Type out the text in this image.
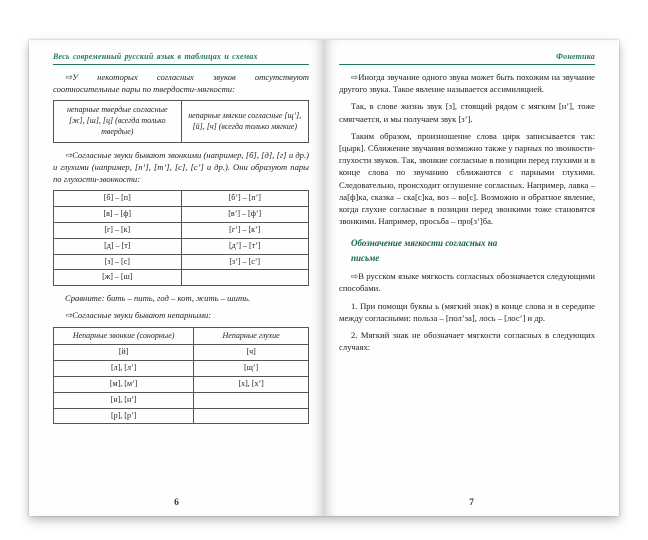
Весь современный русский язык в таблицах и схемах

⇨У некоторых согласных звуков отсутствуют соотносительные пары по твердости-мягкости:

непарные твердые согласные [ж], [ш], [ц] (всегда только твердые)	непарные мягкие согласные [щ’], [й], [ч] (всегда только мягкие)

⇨Согласные звуки бывают звонкими (например, [б], [д], [г] и др.) и глухими (например, [п’], [т’], [с], [с’] и др.). Они образуют пары по глухости-звонкости:

[б] – [п]	[б’] – [п’]
[в] – [ф]	[в’] – [ф’]
[г] – [к]	[г’] – [к’]
[д] – [т]	[д’] – [т’]
[з] – [с]	[з’] – [с’]
[ж] – [ш]	

Сравните: бить – пить, год – кот, жить – шить.

⇨Согласные звуки бывают непарными:

Непарные звонкие (сонорные)	Непарные глухие
[й]	[ч]
[л], [л’]	[щ’]
[м], [м’]	[х], [х’]
[н], [н’]	
[р], [р’]	
6
Фонетика

⇨Иногда звучание одного звука может быть похожим на звучание другого звука. Такое явление называется ассимиляцией.

Так, в слове жизнь звук [з], стоящий рядом с мягким [н’], тоже смягчается, и мы получаем звук [з’].

Таким образом, произношение слова цирк записывается так: [цырк]. Сближение звучания возможно также у парных по звонкости-глухости звуков. Так, звонкие согласные в позиции перед глухими и в конце слова по звучанию сближаются с парными глухими. Следовательно, происходит оглушение согласных. Например, лавка – ла[ф]ка, сказка – ска[с]ка, воз – во[с]. Возможно и обратное явление, когда глухие согласные в позиции перед звонкими тоже становятся звонкими. Например, просьба – про[з’]ба.

Обозначение мягкости согласных на письме

⇨В русском языке мягкость согласных обозначается следующими способами.

1. При помощи буквы ь (мягкий знак) в конце слова и в середине между согласными: польза – [пол’за], лось – [лос’] и др.

2. Мягкий знак не обозначает мягкости согласных в следующих случаях:

7
